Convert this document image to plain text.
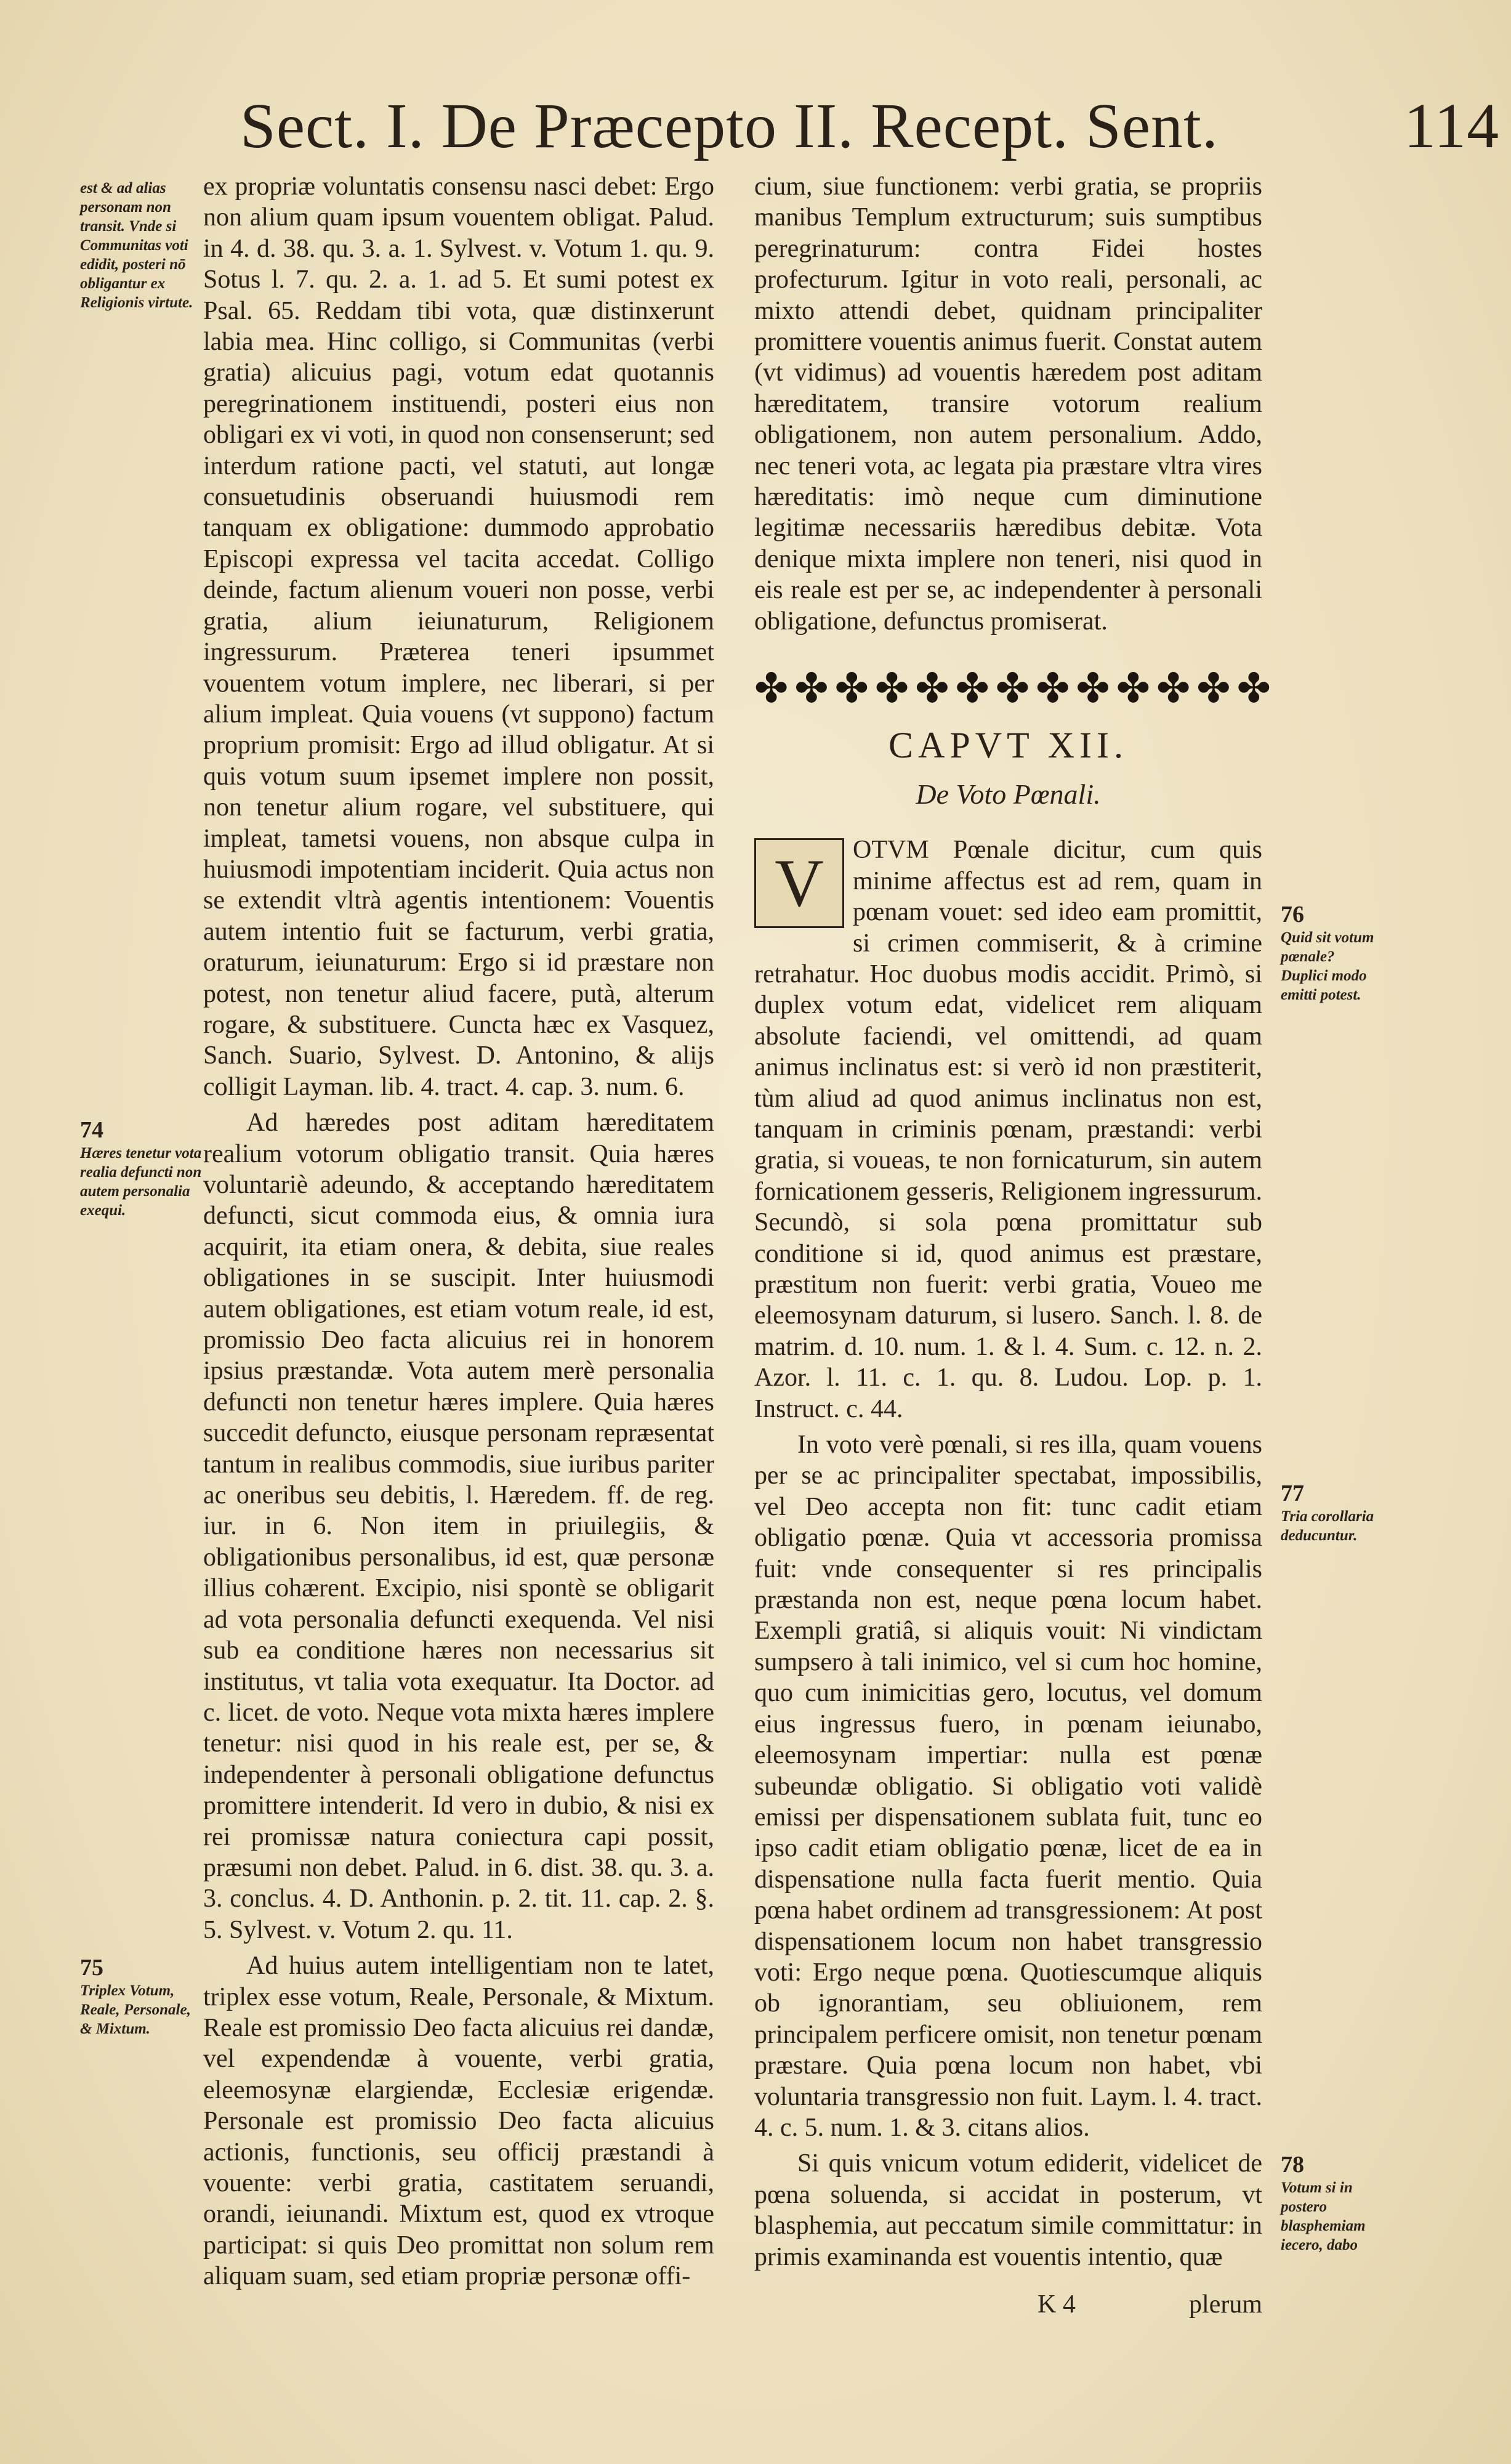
Sect. I. De Præcepto II. Recept. Sent.	114
est & ad alias personam non transit. Vnde si Communitas voti edidit, posteri nō obligantur ex Religionis virtute.
74
Hæres tenetur vota realia defuncti non autem personalia exequi.
75
Triplex Votum, Reale, Personale, & Mixtum.

ex propriæ voluntatis consensu nasci debet: Ergo non alium quam ipsum vouentem obligat. Palud. in 4. d. 38. qu. 3. a. 1. Sylvest. v. Votum 1. qu. 9. Sotus l. 7. qu. 2. a. 1. ad 5. Et sumi potest ex Psal. 65. Reddam tibi vota, quæ distinxerunt labia mea. Hinc colligo, si Communitas (verbi gratia) alicuius pagi, votum edat quotannis peregrinationem instituendi, posteri eius non obligari ex vi voti, in quod non consenserunt; sed interdum ratione pacti, vel statuti, aut longæ consuetudinis obseruandi huiusmodi rem tanquam ex obligatione: dummodo approbatio Episcopi expressa vel tacita accedat. Colligo deinde, factum alienum voueri non posse, verbi gratia, alium ieiunaturum, Religionem ingressurum. Præterea teneri ipsummet vouentem votum implere, nec liberari, si per alium impleat. Quia vouens (vt suppono) factum proprium promisit: Ergo ad illud obligatur. At si quis votum suum ipsemet implere non possit, non tenetur alium rogare, vel substituere, qui impleat, tametsi vouens, non absque culpa in huiusmodi impotentiam inciderit. Quia actus non se extendit vltrà agentis intentionem: Vouentis autem intentio fuit se facturum, verbi gratia, oraturum, ieiunaturum: Ergo si id præstare non potest, non tenetur aliud facere, putà, alterum rogare, & substituere. Cuncta hæc ex Vasquez, Sanch. Suario, Sylvest. D. Antonino, & alijs colligit Layman. lib. 4. tract. 4. cap. 3. num. 6.

Ad hæredes post aditam hæreditatem realium votorum obligatio transit. Quia hæres voluntariè adeundo, & acceptando hæreditatem defuncti, sicut commoda eius, & omnia iura acquirit, ita etiam onera, & debita, siue reales obligationes in se suscipit. Inter huiusmodi autem obligationes, est etiam votum reale, id est, promissio Deo facta alicuius rei in honorem ipsius præstandæ. Vota autem merè personalia defuncti non tenetur hæres implere. Quia hæres succedit defuncto, eiusque personam repræsentat tantum in realibus commodis, siue iuribus pariter ac oneribus seu debitis, l. Hæredem. ff. de reg. iur. in 6. Non item in priuilegiis, & obligationibus personalibus, id est, quæ personæ illius cohærent. Excipio, nisi spontè se obligarit ad vota personalia defuncti exequenda. Vel nisi sub ea conditione hæres non necessarius sit institutus, vt talia vota exequatur. Ita Doctor. ad c. licet. de voto. Neque vota mixta hæres implere tenetur: nisi quod in his reale est, per se, & independenter à personali obligatione defunctus promittere intenderit. Id vero in dubio, & nisi ex rei promissæ natura coniectura capi possit, præsumi non debet. Palud. in 6. dist. 38. qu. 3. a. 3. conclus. 4. D. Anthonin. p. 2. tit. 11. cap. 2. §. 5. Sylvest. v. Votum 2. qu. 11.

Ad huius autem intelligentiam non te latet, triplex esse votum, Reale, Personale, & Mixtum. Reale est promissio Deo facta alicuius rei dandæ, vel expendendæ à vouente, verbi gratia, eleemosynæ elargiendæ, Ecclesiæ erigendæ. Personale est promissio Deo facta alicuius actionis, functionis, seu officij præstandi à vouente: verbi gratia, castitatem seruandi, orandi, ieiunandi. Mixtum est, quod ex vtroque participat: si quis Deo promittat non solum rem aliquam suam, sed etiam propriæ personæ offi-

cium, siue functionem: verbi gratia, se propriis manibus Templum extructurum; suis sumptibus peregrinaturum: contra Fidei hostes profecturum. Igitur in voto reali, personali, ac mixto attendi debet, quidnam principaliter promittere vouentis animus fuerit. Constat autem (vt vidimus) ad vouentis hæredem post aditam hæreditatem, transire votorum realium obligationem, non autem personalium. Addo, nec teneri vota, ac legata pia præstare vltra vires hæreditatis: imò neque cum diminutione legitimæ necessariis hæredibus debitæ. Vota denique mixta implere non teneri, nisi quod in eis reale est per se, ac independenter à personali obligatione, defunctus promiserat.

✤✤✤✤✤✤✤✤✤✤✤✤✤
CAPVT XII.
De Voto Pœnali.

V	OTVM Pœnale dicitur, cum quis minime affectus est ad rem, quam in pœnam vouet: sed ideo eam promittit, si crimen commiserit, & à crimine retrahatur. Hoc duobus modis accidit. Primò, si duplex votum edat, videlicet rem aliquam absolute faciendi, vel omittendi, ad quam animus inclinatus est: si verò id non præstiterit, tùm aliud ad quod animus inclinatus non est, tanquam in criminis pœnam, præstandi: verbi gratia, si voueas, te non fornicaturum, sin autem fornicationem gesseris, Religionem ingressurum. Secundò, si sola pœna promittatur sub conditione si id, quod animus est præstare, præstitum non fuerit: verbi gratia, Voueo me eleemosynam daturum, si lusero. Sanch. l. 8. de matrim. d. 10. num. 1. & l. 4. Sum. c. 12. n. 2. Azor. l. 11. c. 1. qu. 8. Ludou. Lop. p. 1. Instruct. c. 44.

In voto verè pœnali, si res illa, quam vouens per se ac principaliter spectabat, impossibilis, vel Deo accepta non fit: tunc cadit etiam obligatio pœnæ. Quia vt accessoria promissa fuit: vnde consequenter si res principalis præstanda non est, neque pœna locum habet. Exempli gratiâ, si aliquis vouit: Ni vindictam sumpsero à tali inimico, vel si cum hoc homine, quo cum inimicitias gero, locutus, vel domum eius ingressus fuero, in pœnam ieiunabo, eleemosynam impertiar: nulla est pœnæ subeundæ obligatio. Si obligatio voti validè emissi per dispensationem sublata fuit, tunc eo ipso cadit etiam obligatio pœnæ, licet de ea in dispensatione nulla facta fuerit mentio. Quia pœna habet ordinem ad transgressionem: At post dispensationem locum non habet transgressio voti: Ergo neque pœna. Quotiescumque aliquis ob ignorantiam, seu obliuionem, rem principalem perficere omisit, non tenetur pœnam præstare. Quia pœna locum non habet, vbi voluntaria transgressio non fuit. Laym. l. 4. tract. 4. c. 5. num. 1. & 3. citans alios.

Si quis vnicum votum ediderit, videlicet de pœna soluenda, si accidat in posterum, vt blasphemia, aut peccatum simile committatur: in primis examinanda est vouentis intentio, quæ

76
Quid sit votum pœnale? Duplici modo emitti potest.
77
Tria corollaria deducuntur.
78
Votum si in postero blasphemiam iecero, dabo
K 4	plerum
